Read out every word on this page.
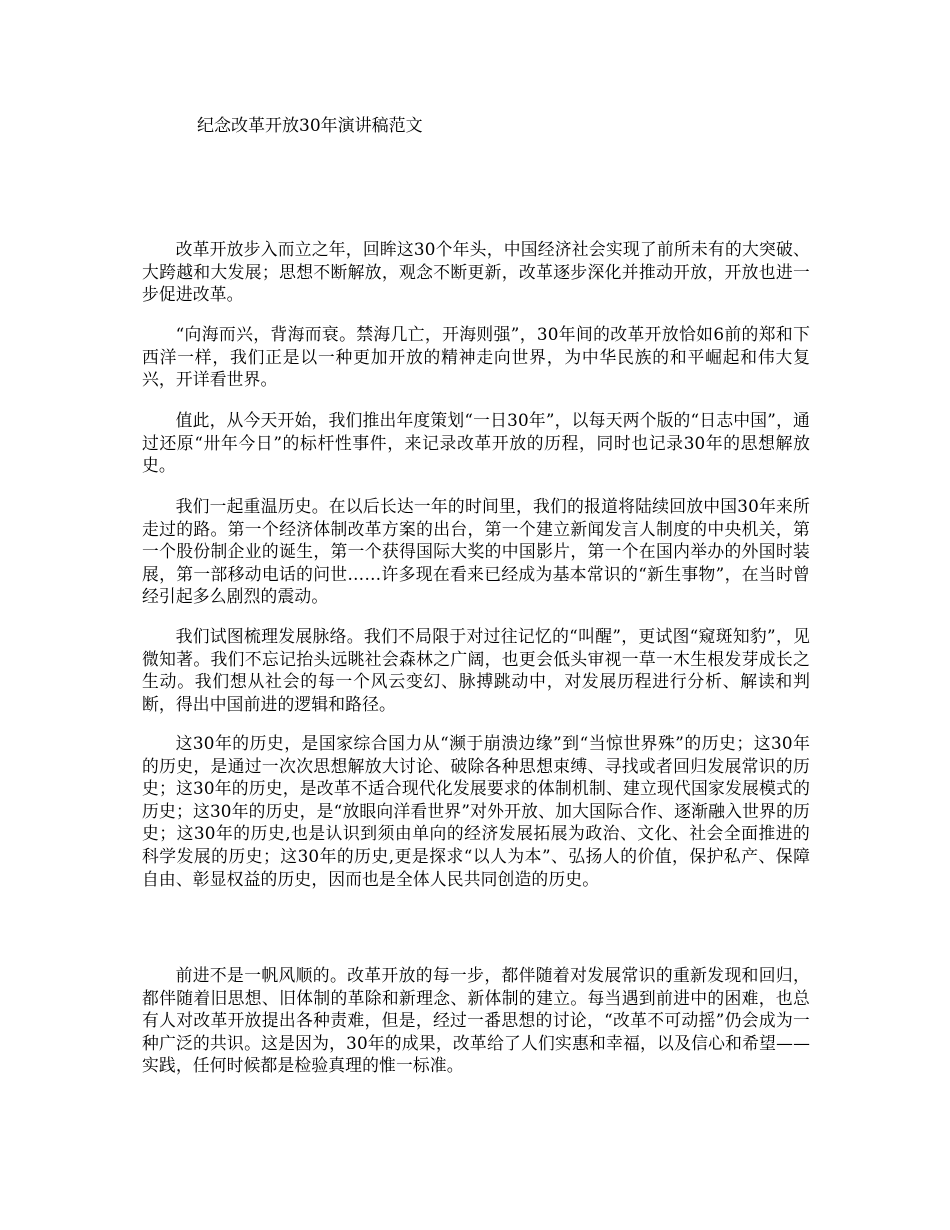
纪念改革开放30年演讲稿范文

改革开放步入而立之年，回眸这30个年头，中国经济社会实现了前所未有的大突破、大跨越和大发展；思想不断解放，观念不断更新，改革逐步深化并推动开放，开放也进一步促进改革。

“向海而兴，背海而衰。禁海几亡，开海则强”，30年间的改革开放恰如6前的郑和下西洋一样，我们正是以一种更加开放的精神走向世界，为中华民族的和平崛起和伟大复兴，开详看世界。

值此，从今天开始，我们推出年度策划“一日30年”，以每天两个版的“日志中国”，通过还原“卅年今日”的标杆性事件，来记录改革开放的历程，同时也记录30年的思想解放史。

我们一起重温历史。在以后长达一年的时间里，我们的报道将陆续回放中国30年来所走过的路。第一个经济体制改革方案的出台，第一个建立新闻发言人制度的中央机关，第一个股份制企业的诞生，第一个获得国际大奖的中国影片，第一个在国内举办的外国时装展，第一部移动电话的问世……许多现在看来已经成为基本常识的“新生事物”，在当时曾经引起多么剧烈的震动。

我们试图梳理发展脉络。我们不局限于对过往记忆的“叫醒”，更试图“窥斑知豹”，见微知著。我们不忘记抬头远眺社会森林之广阔，也更会低头审视一草一木生根发芽成长之生动。我们想从社会的每一个风云变幻、脉搏跳动中，对发展历程进行分析、解读和判断，得出中国前进的逻辑和路径。

这30年的历史，是国家综合国力从“濒于崩溃边缘”到“当惊世界殊”的历史；这30年的历史，是通过一次次思想解放大讨论、破除各种思想束缚、寻找或者回归发展常识的历史；这30年的历史，是改革不适合现代化发展要求的体制机制、建立现代国家发展模式的历史；这30年的历史，是“放眼向洋看世界”对外开放、加大国际合作、逐渐融入世界的历史；这30年的历史,也是认识到须由单向的经济发展拓展为政治、文化、社会全面推进的科学发展的历史；这30年的历史,更是探求“以人为本”、弘扬人的价值，保护私产、保障自由、彰显权益的历史，因而也是全体人民共同创造的历史。

前进不是一帆风顺的。改革开放的每一步，都伴随着对发展常识的重新发现和回归，都伴随着旧思想、旧体制的革除和新理念、新体制的建立。每当遇到前进中的困难，也总有人对改革开放提出各种责难，但是，经过一番思想的讨论，“改革不可动摇”仍会成为一种广泛的共识。这是因为，30年的成果，改革给了人们实惠和幸福，以及信心和希望——实践，任何时候都是检验真理的惟一标准。
